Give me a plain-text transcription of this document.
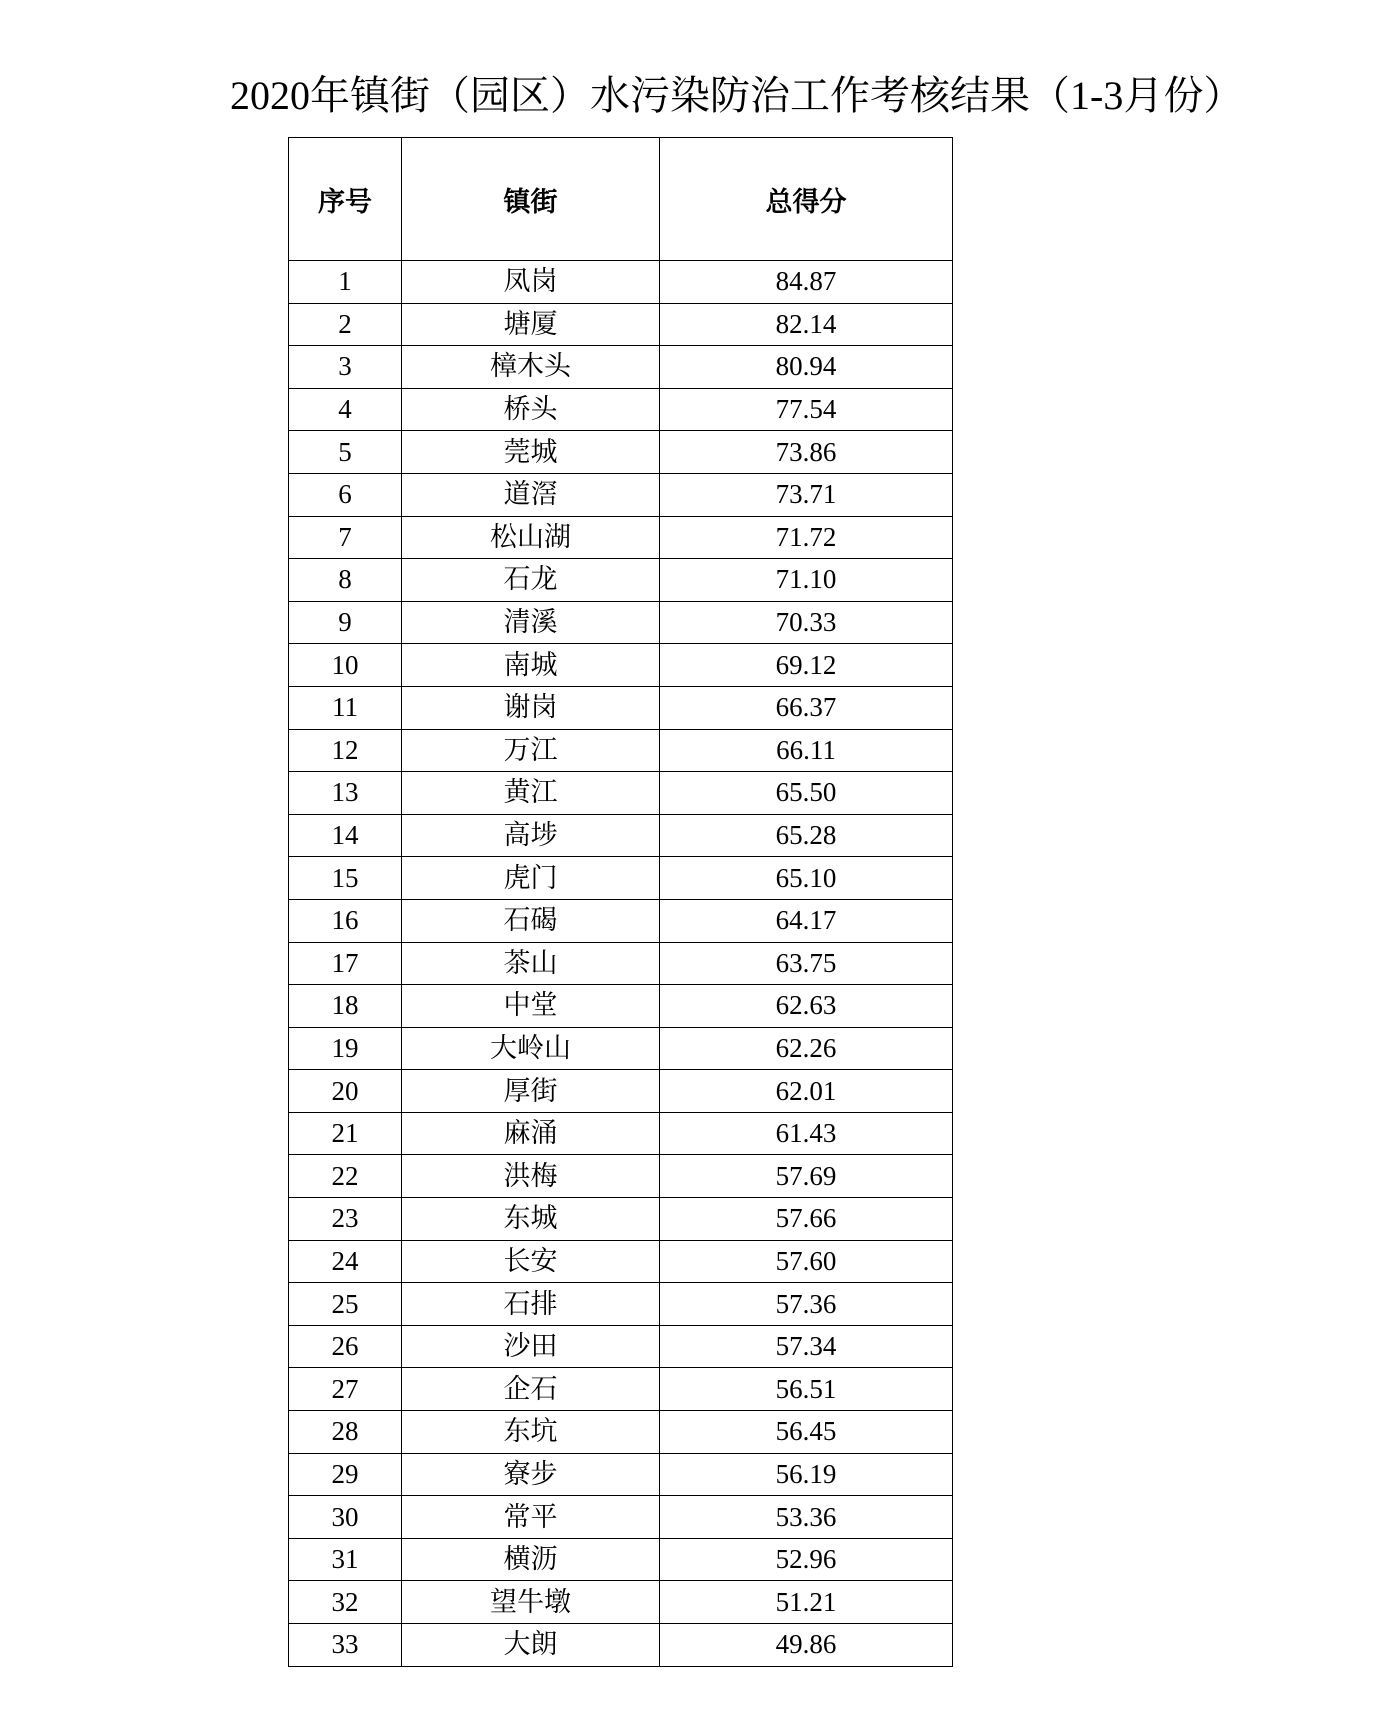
2020年镇街（园区）水污染防治工作考核结果（1-3月份）
序号	镇街	总得分
1	凤岗	84.87
2	塘厦	82.14
3	樟木头	80.94
4	桥头	77.54
5	莞城	73.86
6	道滘	73.71
7	松山湖	71.72
8	石龙	71.10
9	清溪	70.33
10	南城	69.12
11	谢岗	66.37
12	万江	66.11
13	黄江	65.50
14	高埗	65.28
15	虎门	65.10
16	石碣	64.17
17	茶山	63.75
18	中堂	62.63
19	大岭山	62.26
20	厚街	62.01
21	麻涌	61.43
22	洪梅	57.69
23	东城	57.66
24	长安	57.60
25	石排	57.36
26	沙田	57.34
27	企石	56.51
28	东坑	56.45
29	寮步	56.19
30	常平	53.36
31	横沥	52.96
32	望牛墩	51.21
33	大朗	49.86
